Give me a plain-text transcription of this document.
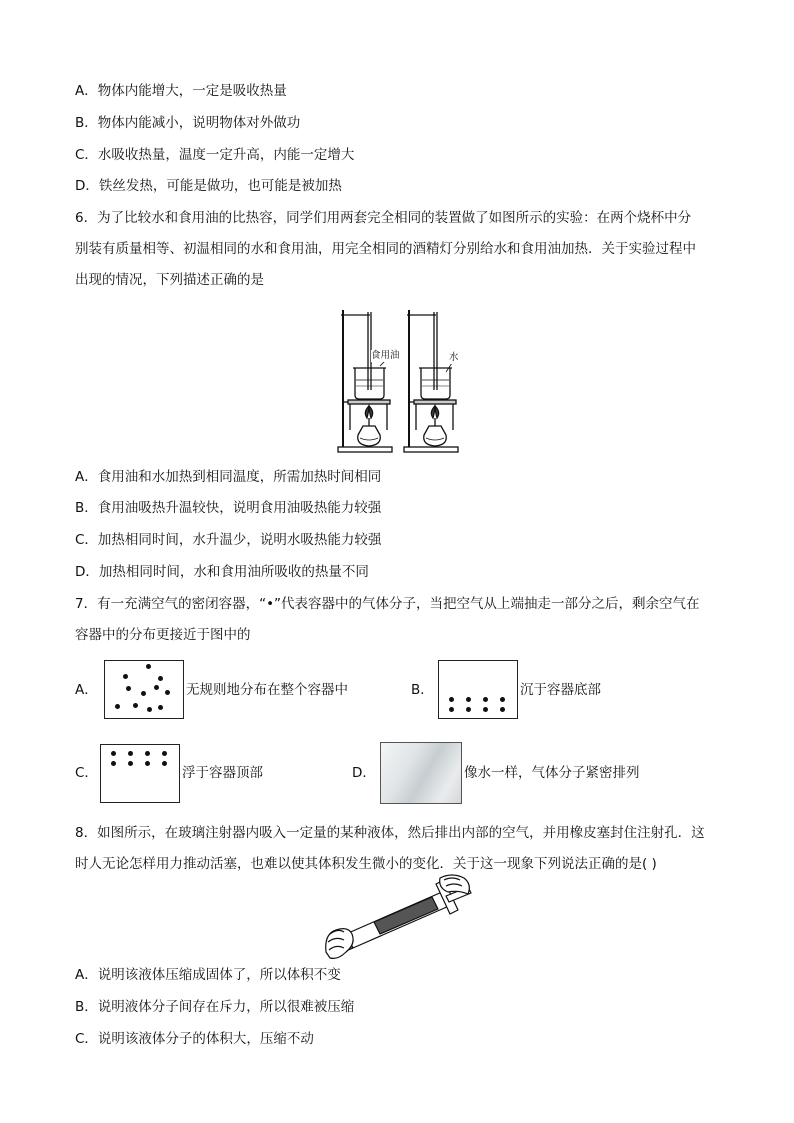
A．物体内能增大，一定是吸收热量
B．物体内能减小，说明物体对外做功
C．水吸收热量，温度一定升高，内能一定增大
D．铁丝发热，可能是做功，也可能是被加热
6．为了比较水和食用油的比热容，同学们用两套完全相同的装置做了如图所示的实验：在两个烧杯中分
别装有质量相等、初温相同的水和食用油，用完全相同的酒精灯分别给水和食用油加热．关于实验过程中
出现的情况，下列描述正确的是
食用油	水
A．食用油和水加热到相同温度，所需加热时间相同
B．食用油吸热升温较快，说明食用油吸热能力较强
C．加热相同时间，水升温少，说明水吸热能力较强
D．加热相同时间，水和食用油所吸收的热量不同
7．有一充满空气的密闭容器，“•”代表容器中的气体分子，当把空气从上端抽走一部分之后，剩余空气在
容器中的分布更接近于图中的
A．	无规则地分布在整个容器中	B．	沉于容器底部
C．	浮于容器顶部	D．	像水一样，气体分子紧密排列
8．如图所示，在玻璃注射器内吸入一定量的某种液体，然后排出内部的空气，并用橡皮塞封住注射孔．这
时人无论怎样用力推动活塞，也难以使其体积发生微小的变化．关于这一现象下列说法正确的是( )
A．说明该液体压缩成固体了，所以体积不变
B．说明液体分子间存在斥力，所以很难被压缩
C．说明该液体分子的体积大，压缩不动
